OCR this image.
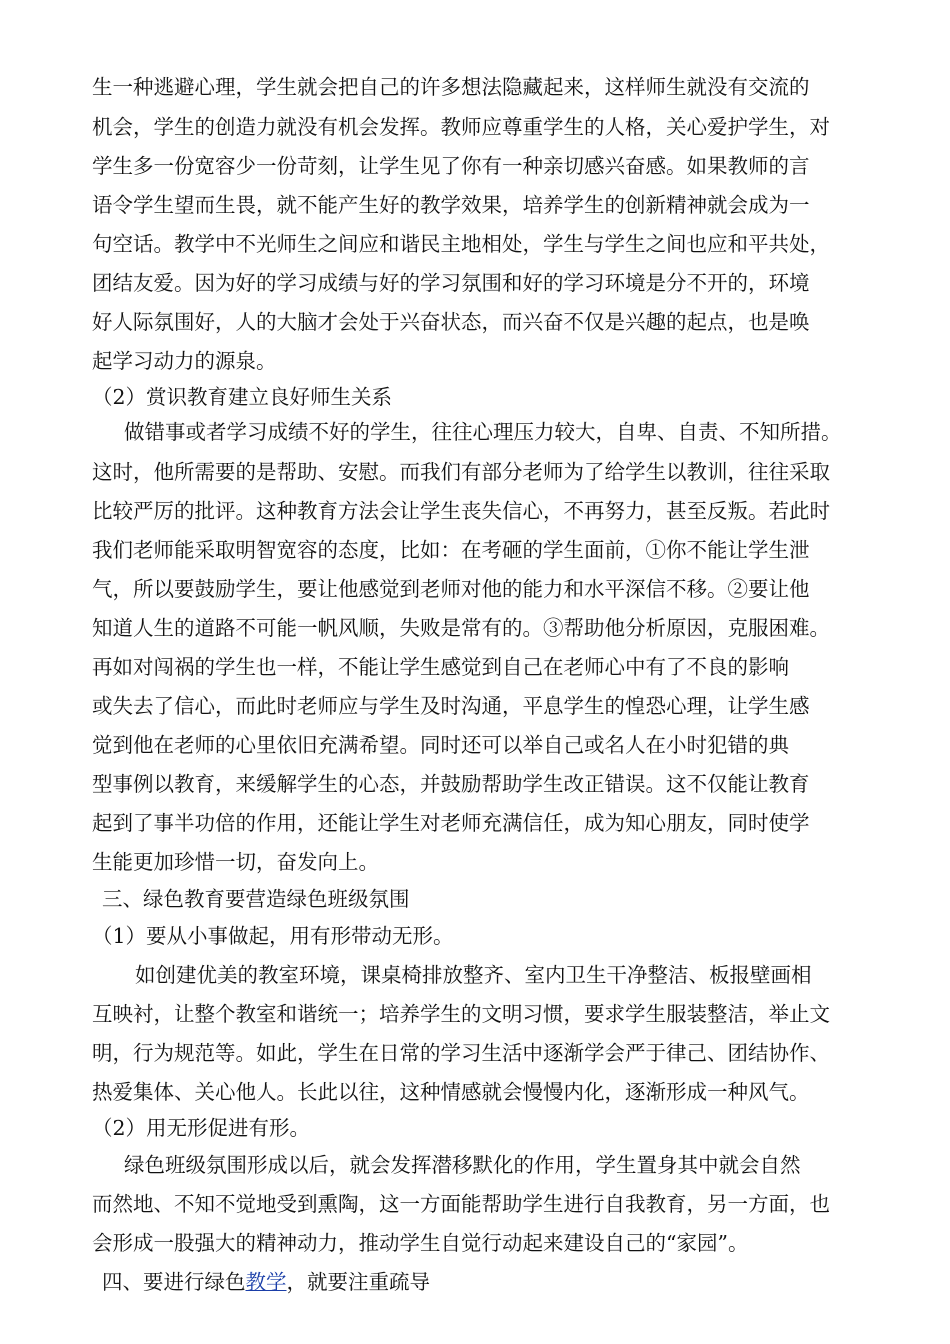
生一种逃避心理，学生就会把自己的许多想法隐藏起来，这样师生就没有交流的

机会，学生的创造力就没有机会发挥。教师应尊重学生的人格，关心爱护学生，对

学生多一份宽容少一份苛刻，让学生见了你有一种亲切感兴奋感。如果教师的言

语令学生望而生畏，就不能产生好的教学效果，培养学生的创新精神就会成为一

句空话。教学中不光师生之间应和谐民主地相处，学生与学生之间也应和平共处，

团结友爱。因为好的学习成绩与好的学习氛围和好的学习环境是分不开的，环境

好人际氛围好，人的大脑才会处于兴奋状态，而兴奋不仅是兴趣的起点，也是唤

起学习动力的源泉。

（2）赏识教育建立良好师生关系

做错事或者学习成绩不好的学生，往往心理压力较大，自卑、自责、不知所措。

这时，他所需要的是帮助、安慰。而我们有部分老师为了给学生以教训，往往采取

比较严厉的批评。这种教育方法会让学生丧失信心，不再努力，甚至反叛。若此时

我们老师能采取明智宽容的态度，比如：在考砸的学生面前，①你不能让学生泄

气，所以要鼓励学生，要让他感觉到老师对他的能力和水平深信不移。②要让他

知道人生的道路不可能一帆风顺，失败是常有的。③帮助他分析原因，克服困难。

再如对闯祸的学生也一样，不能让学生感觉到自己在老师心中有了不良的影响

或失去了信心，而此时老师应与学生及时沟通，平息学生的惶恐心理，让学生感

觉到他在老师的心里依旧充满希望。同时还可以举自己或名人在小时犯错的典

型事例以教育，来缓解学生的心态，并鼓励帮助学生改正错误。这不仅能让教育

起到了事半功倍的作用，还能让学生对老师充满信任，成为知心朋友，同时使学

生能更加珍惜一切，奋发向上。

三、绿色教育要营造绿色班级氛围

（1）要从小事做起，用有形带动无形。

如创建优美的教室环境，课桌椅排放整齐、室内卫生干净整洁、板报壁画相

互映衬，让整个教室和谐统一；培养学生的文明习惯，要求学生服装整洁，举止文

明，行为规范等。如此，学生在日常的学习生活中逐渐学会严于律己、团结协作、

热爱集体、关心他人。长此以往，这种情感就会慢慢内化，逐渐形成一种风气。

（2）用无形促进有形。

绿色班级氛围形成以后，就会发挥潜移默化的作用，学生置身其中就会自然

而然地、不知不觉地受到熏陶，这一方面能帮助学生进行自我教育，另一方面，也

会形成一股强大的精神动力，推动学生自觉行动起来建设自己的“家园”。

四、要进行绿色教学，就要注重疏导
